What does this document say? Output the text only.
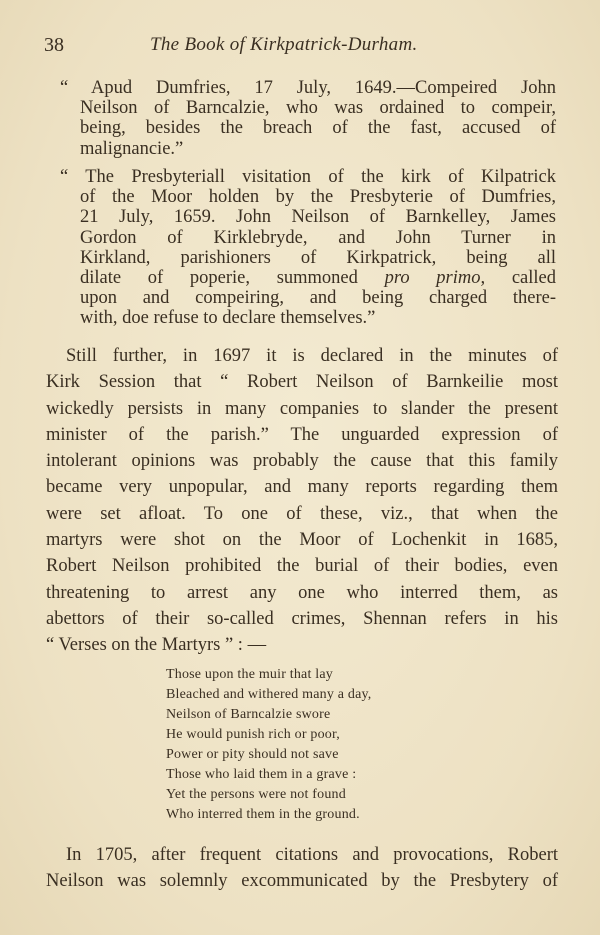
38	The Book of Kirkpatrick-Durham.
“ Apud Dumfries, 17 July, 1649.—Compeired John
Neilson of Barncalzie, who was ordained to compeir,
being, besides the breach of the fast, accused of
malignancie.”
“ The Presbyteriall visitation of the kirk of Kilpatrick
of the Moor holden by the Presbyterie of Dumfries,
21 July, 1659. John Neilson of Barnkelley, James
Gordon of Kirklebryde, and John Turner in
Kirkland, parishioners of Kirkpatrick, being all
dilate of poperie, summoned pro primo, called
upon and compeiring, and being charged there-
with, doe refuse to declare themselves.”
Still further, in 1697 it is declared in the minutes of
Kirk Session that “ Robert Neilson of Barnkeilie most
wickedly persists in many companies to slander the present
minister of the parish.” The unguarded expression of
intolerant opinions was probably the cause that this family
became very unpopular, and many reports regarding them
were set afloat. To one of these, viz., that when the
martyrs were shot on the Moor of Lochenkit in 1685,
Robert Neilson prohibited the burial of their bodies, even
threatening to arrest any one who interred them, as
abettors of their so-called crimes, Shennan refers in his
“ Verses on the Martyrs ” : —
Those upon the muir that lay
Bleached and withered many a day,
Neilson of Barncalzie swore
He would punish rich or poor,
Power or pity should not save
Those who laid them in a grave :
Yet the persons were not found
Who interred them in the ground.
In 1705, after frequent citations and provocations, Robert
Neilson was solemnly excommunicated by the Presbytery of
